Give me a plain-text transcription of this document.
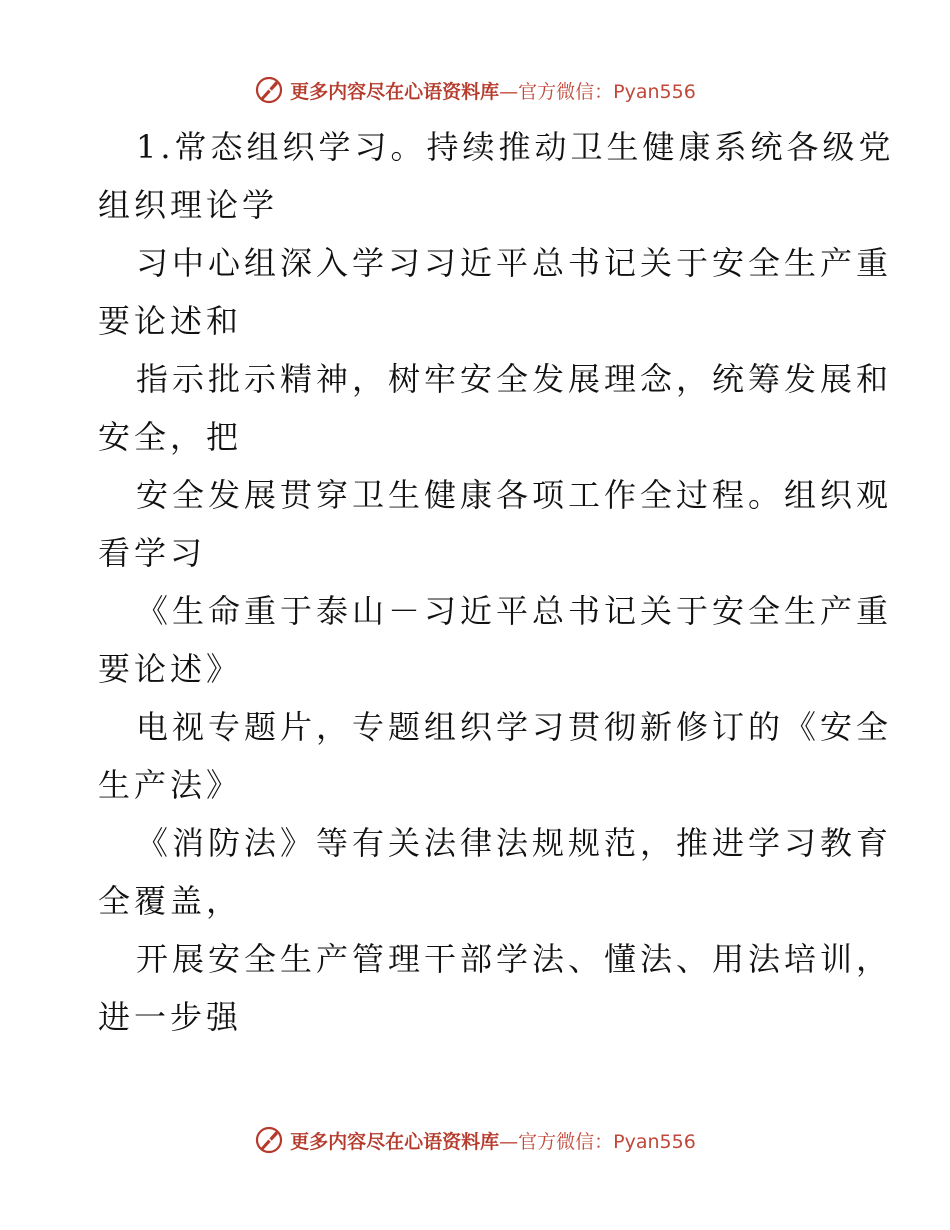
更多内容尽在心语资料库 —官方微信：Pyan556
1.常态组织学习。持续推动卫生健康系统各级党
组织理论学
习中心组深入学习习近平总书记关于安全生产重
要论述和
指示批示精神，树牢安全发展理念，统筹发展和
安全，把
安全发展贯穿卫生健康各项工作全过程。组织观
看学习
《生命重于泰山－习近平总书记关于安全生产重
要论述》
电视专题片，专题组织学习贯彻新修订的《安全
生产法》
《消防法》等有关法律法规规范，推进学习教育
全覆盖，
开展安全生产管理干部学法、懂法、用法培训，
进一步强
更多内容尽在心语资料库 —官方微信：Pyan556
